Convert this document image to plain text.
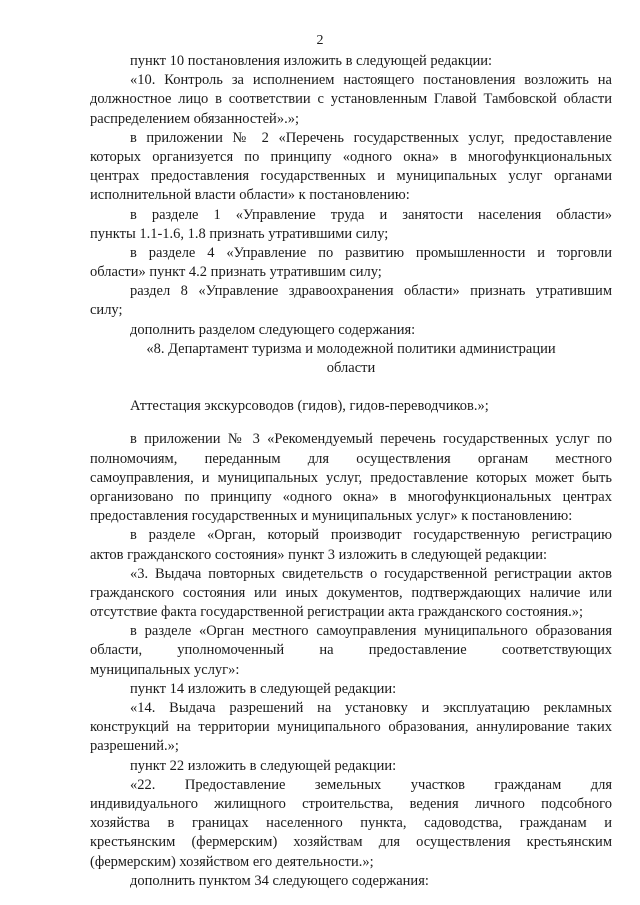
2
пункт 10 постановления изложить в следующей редакции:
«10. Контроль за исполнением настоящего постановления возложить на
должностное лицо в соответствии с установленным Главой Тамбовской области
распределением обязанностей».»;
в приложении № 2 «Перечень государственных услуг, предоставление
которых организуется по принципу «одного окна» в многофункциональных
центрах предоставления государственных и муниципальных услуг органами
исполнительной власти области» к постановлению:
в разделе 1 «Управление труда и занятости населения области»
пункты 1.1-1.6, 1.8 признать утратившими силу;
в разделе 4 «Управление по развитию промышленности и торговли
области» пункт 4.2 признать утратившим силу;
раздел 8 «Управление здравоохранения области» признать утратившим
силу;
дополнить разделом следующего содержания:
«8. Департамент туризма и молодежной политики администрации
области
Аттестация экскурсоводов (гидов), гидов-переводчиков.»;
в приложении № 3 «Рекомендуемый перечень государственных услуг по
полномочиям, переданным для осуществления органам местного
самоуправления, и муниципальных услуг, предоставление которых может быть
организовано по принципу «одного окна» в многофункциональных центрах
предоставления государственных и муниципальных услуг» к постановлению:
в разделе «Орган, который производит государственную регистрацию
актов гражданского состояния» пункт 3 изложить в следующей редакции:
«3. Выдача повторных свидетельств о государственной регистрации актов
гражданского состояния или иных документов, подтверждающих наличие или
отсутствие факта государственной регистрации акта гражданского состояния.»;
в разделе «Орган местного самоуправления муниципального образования
области, уполномоченный на предоставление соответствующих
муниципальных услуг»:
пункт 14 изложить в следующей редакции:
«14. Выдача разрешений на установку и эксплуатацию рекламных
конструкций на территории муниципального образования, аннулирование таких
разрешений.»;
пункт 22 изложить в следующей редакции:
«22. Предоставление земельных участков гражданам для
индивидуального жилищного строительства, ведения личного подсобного
хозяйства в границах населенного пункта, садоводства, гражданам и
крестьянским (фермерским) хозяйствам для осуществления крестьянским
(фермерским) хозяйством его деятельности.»;
дополнить пунктом 34 следующего содержания:
